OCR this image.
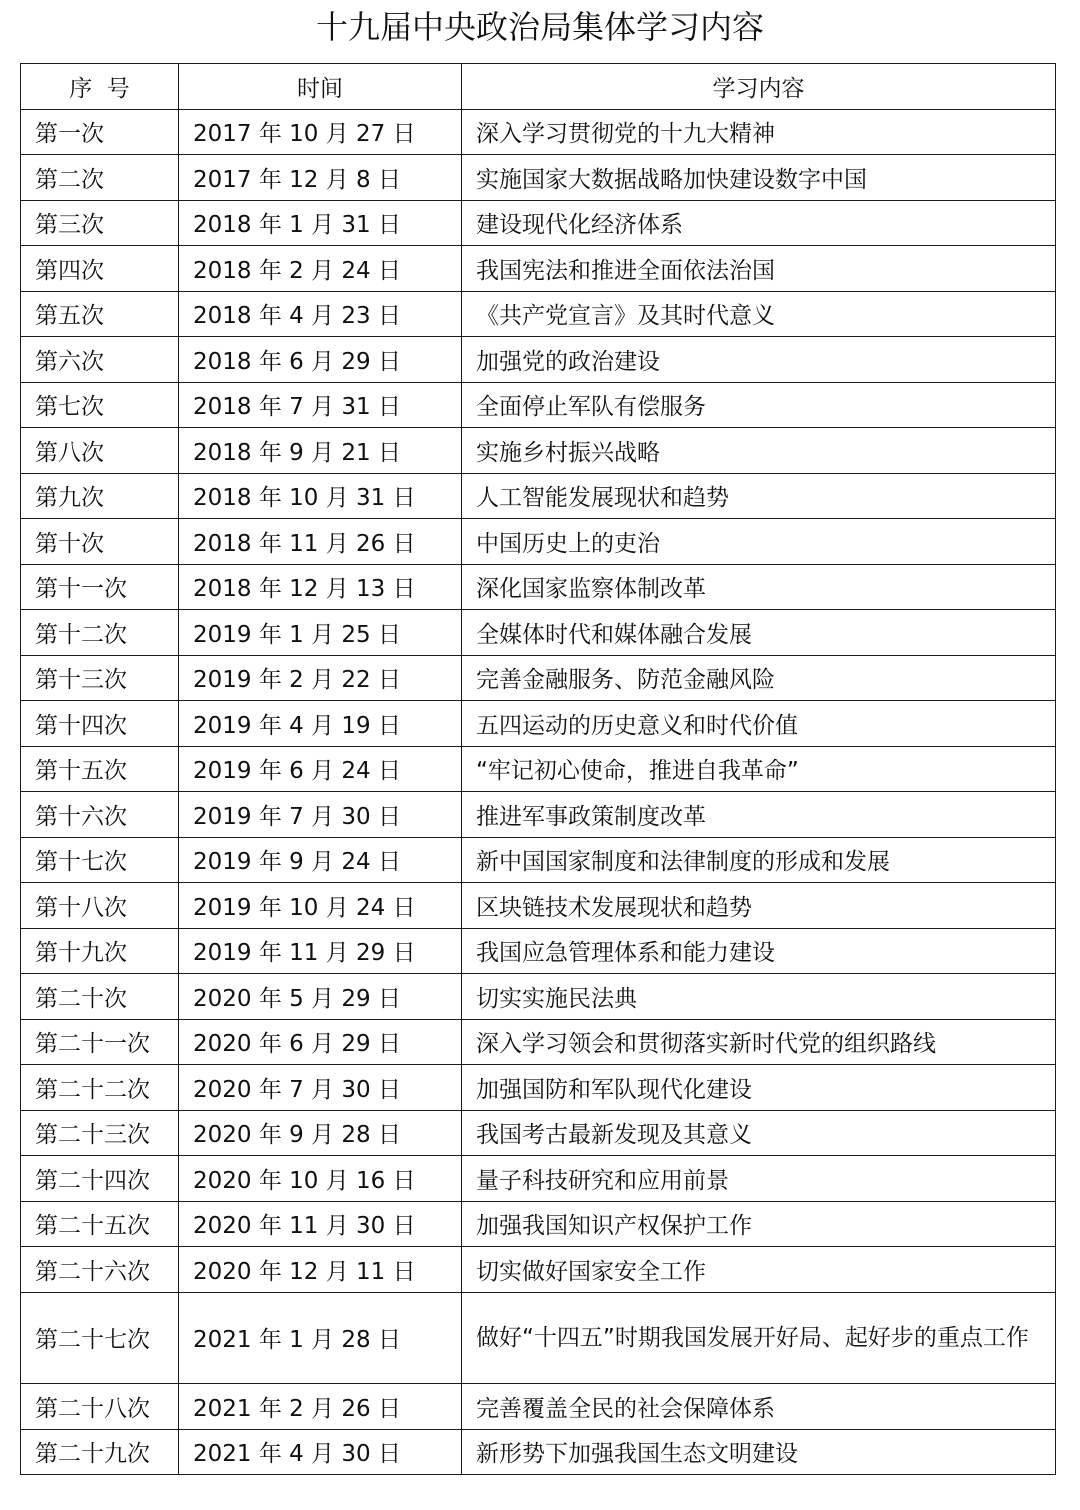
十九届中央政治局集体学习内容
序  号	时间	学习内容
第一次	2017 年 10 月 27 日	深入学习贯彻党的十九大精神
第二次	2017 年 12 月 8 日	实施国家大数据战略加快建设数字中国
第三次	2018 年 1 月 31 日	建设现代化经济体系
第四次	2018 年 2 月 24 日	我国宪法和推进全面依法治国
第五次	2018 年 4 月 23 日	《共产党宣言》及其时代意义
第六次	2018 年 6 月 29 日	加强党的政治建设
第七次	2018 年 7 月 31 日	全面停止军队有偿服务
第八次	2018 年 9 月 21 日	实施乡村振兴战略
第九次	2018 年 10 月 31 日	人工智能发展现状和趋势
第十次	2018 年 11 月 26 日	中国历史上的吏治
第十一次	2018 年 12 月 13 日	深化国家监察体制改革
第十二次	2019 年 1 月 25 日	全媒体时代和媒体融合发展
第十三次	2019 年 2 月 22 日	完善金融服务、防范金融风险
第十四次	2019 年 4 月 19 日	五四运动的历史意义和时代价值
第十五次	2019 年 6 月 24 日	“牢记初心使命，推进自我革命”
第十六次	2019 年 7 月 30 日	推进军事政策制度改革
第十七次	2019 年 9 月 24 日	新中国国家制度和法律制度的形成和发展
第十八次	2019 年 10 月 24 日	区块链技术发展现状和趋势
第十九次	2019 年 11 月 29 日	我国应急管理体系和能力建设
第二十次	2020 年 5 月 29 日	切实实施民法典
第二十一次	2020 年 6 月 29 日	深入学习领会和贯彻落实新时代党的组织路线
第二十二次	2020 年 7 月 30 日	加强国防和军队现代化建设
第二十三次	2020 年 9 月 28 日	我国考古最新发现及其意义
第二十四次	2020 年 10 月 16 日	量子科技研究和应用前景
第二十五次	2020 年 11 月 30 日	加强我国知识产权保护工作
第二十六次	2020 年 12 月 11 日	切实做好国家安全工作
第二十七次	2021 年 1 月 28 日	做好“十四五”时期我国发展开好局、起好步的重点工作
第二十八次	2021 年 2 月 26 日	完善覆盖全民的社会保障体系
第二十九次	2021 年 4 月 30 日	新形势下加强我国生态文明建设
